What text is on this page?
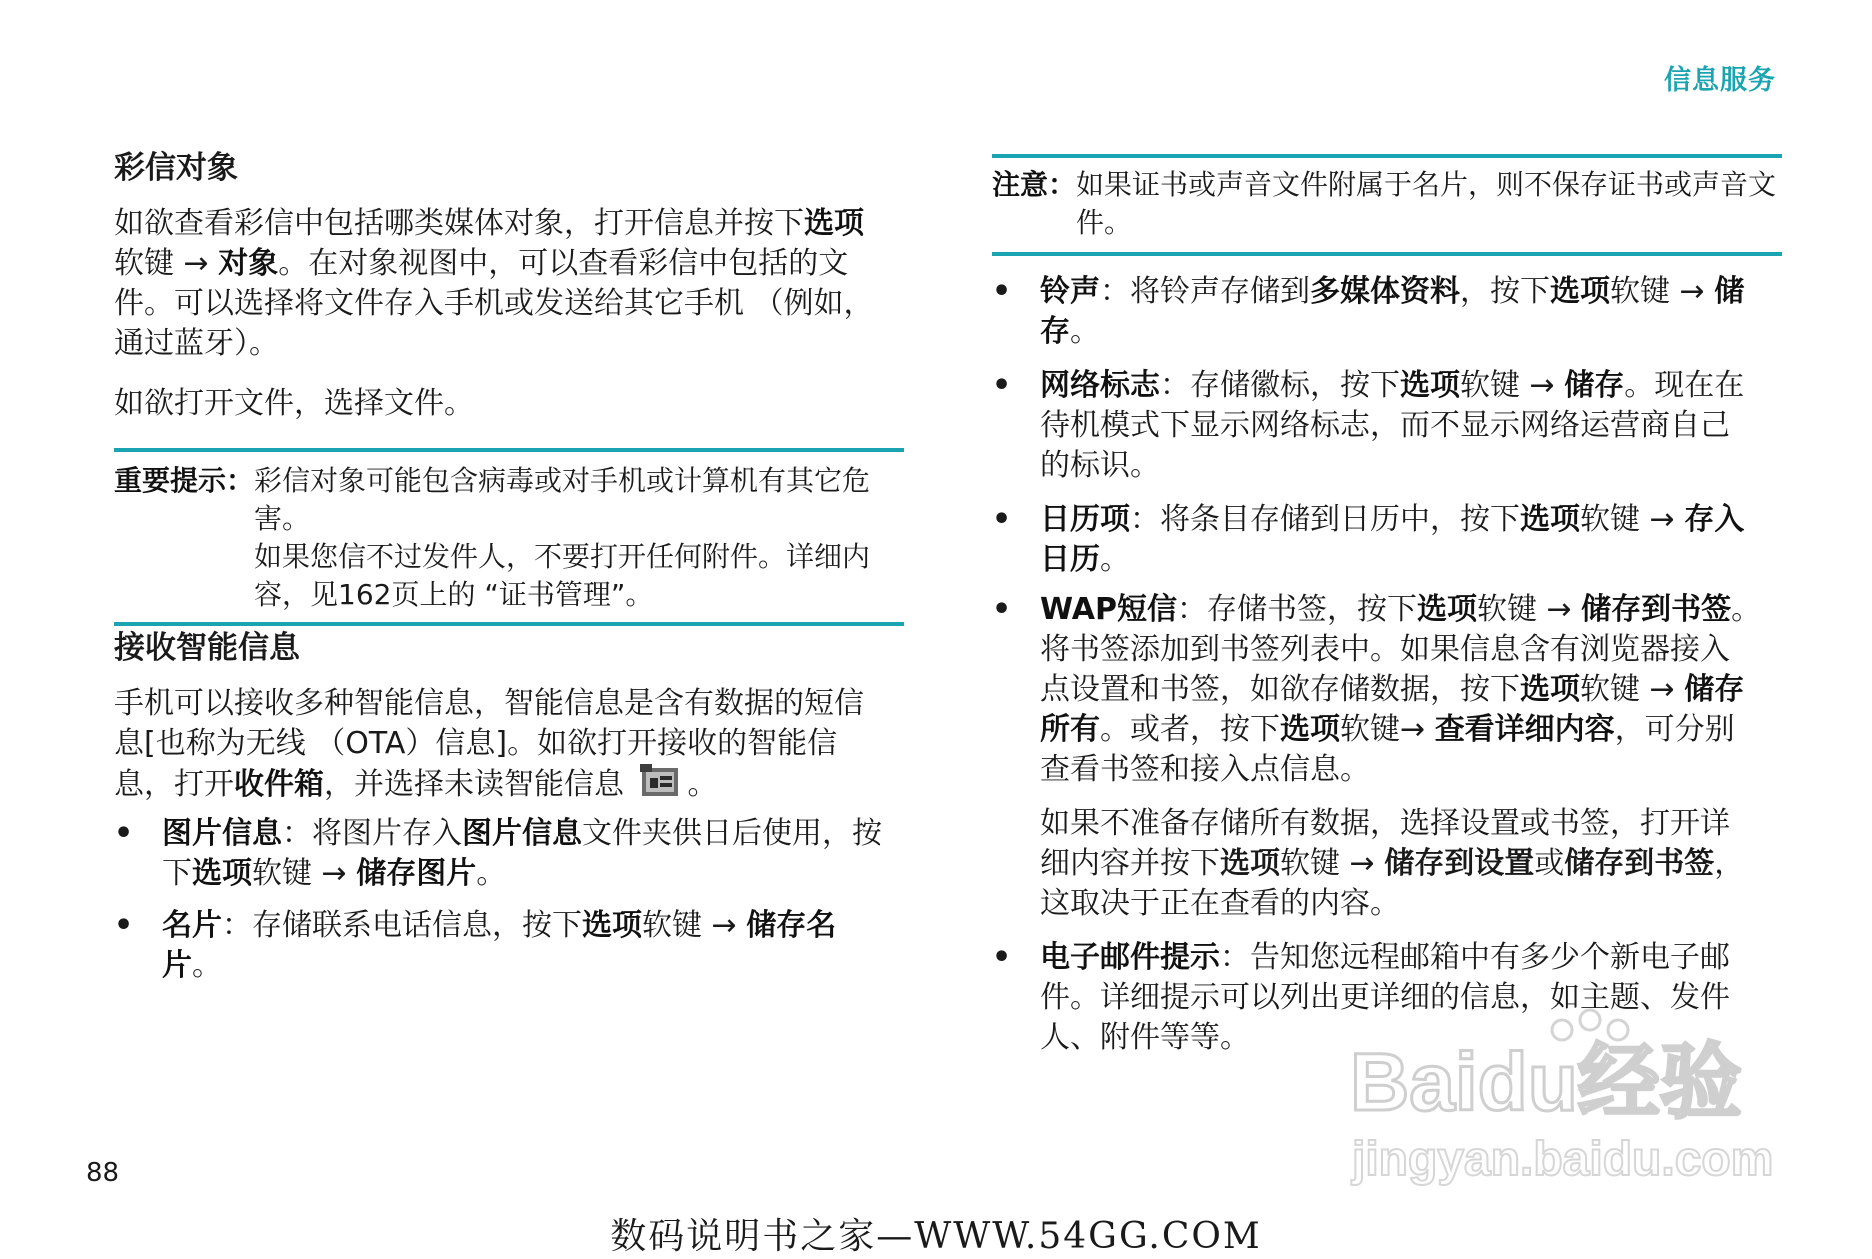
信息服务
彩信对象
如欲查看彩信中包括哪类媒体对象，打开信息并按下选项
软键 → 对象。在对象视图中，可以查看彩信中包括的文
件。可以选择将文件存入手机或发送给其它手机 （例如，
通过蓝牙）。
如欲打开文件，选择文件。
重要提示： 彩信对象可能包含病毒或对手机或计算机有其它危害。
如果您信不过发件人，不要打开任何附件。详细内
容，见162页上的 “证书管理”。
接收智能信息
手机可以接收多种智能信息，智能信息是含有数据的短信
息[也称为无线 （OTA）信息]。如欲打开接收的智能信
息，打开收件箱，并选择未读智能信息 。
• 图片信息：将图片存入图片信息文件夹供日后使用，按
下选项软键 → 储存图片。
• 名片：存储联系电话信息，按下选项软键 → 储存名
片。
注意： 如果证书或声音文件附属于名片，则不保存证书或声音文
件。
• 铃声：将铃声存储到多媒体资料，按下选项软键 → 储
存。
• 网络标志：存储徽标，按下选项软键 → 储存。现在在
待机模式下显示网络标志，而不显示网络运营商自己
的标识。
• 日历项：将条目存储到日历中，按下选项软键 → 存入
日历。
• WAP短信：存储书签，按下选项软键 → 储存到书签。
将书签添加到书签列表中。如果信息含有浏览器接入
点设置和书签，如欲存储数据，按下选项软键 → 储存
所有。或者，按下选项软键→ 查看详细内容，可分别
查看书签和接入点信息。
如果不准备存储所有数据，选择设置或书签，打开详
细内容并按下选项软键 → 储存到设置或储存到书签，
这取决于正在查看的内容。
• 电子邮件提示：告知您远程邮箱中有多少个新电子邮
件。详细提示可以列出更详细的信息，如主题、发件
人、附件等等。	Baidu经验
jingyan.baidu.com
88
数码说明书之家—WWW.54GG.COM
